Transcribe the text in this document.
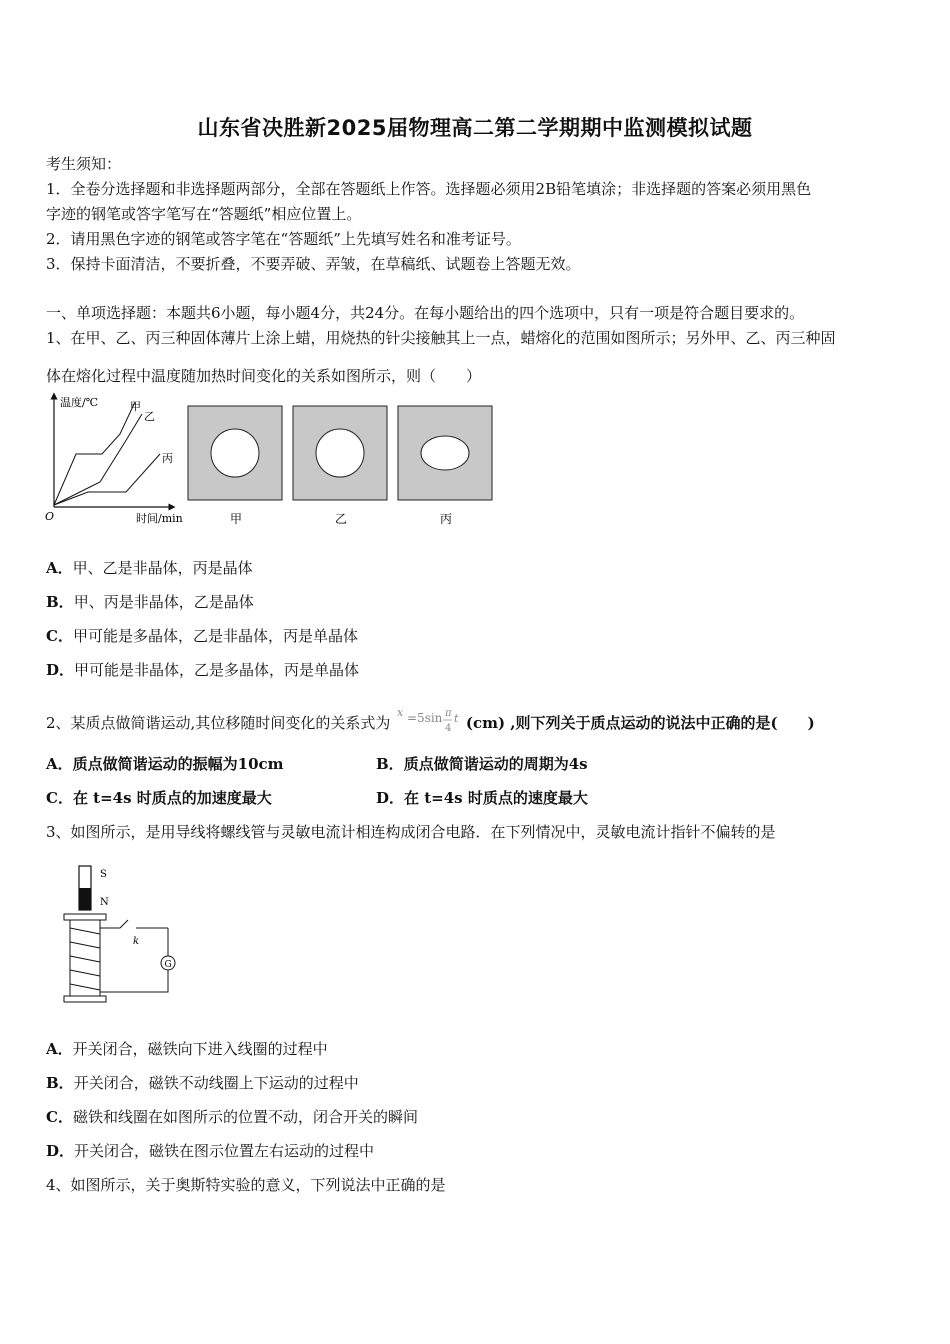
山东省决胜新2025届物理高二第二学期期中监测模拟试题
考生须知：
1．全卷分选择题和非选择题两部分，全部在答题纸上作答。选择题必须用2B铅笔填涂；非选择题的答案必须用黑色
字迹的钢笔或答字笔写在“答题纸”相应位置上。
2．请用黑色字迹的钢笔或答字笔在“答题纸”上先填写姓名和准考证号。
3．保持卡面清洁，不要折叠，不要弄破、弄皱，在草稿纸、试题卷上答题无效。
一、单项选择题：本题共6小题，每小题4分，共24分。在每小题给出的四个选项中，只有一项是符合题目要求的。
1、在甲、乙、丙三种固体薄片上涂上蜡，用烧热的针尖接触其上一点，蜡熔化的范围如图所示；另外甲、乙、丙三种固
体在熔化过程中温度随加热时间变化的关系如图所示，则（　　）
温度/℃
时间/min
O
甲
乙
丙
甲	乙	丙
A．甲、乙是非晶体，丙是晶体
B．甲、丙是非晶体，乙是晶体
C．甲可能是多晶体，乙是非晶体，丙是单晶体
D．甲可能是非晶体，乙是多晶体，丙是单晶体
2、某质点做简谐运动,其位移随时间变化的关系式为
x =5sin π
4
t (cm) ,则下列关于质点运动的说法中正确的是(　　)
A．质点做简谐运动的振幅为10cm	B．质点做简谐运动的周期为4s
C．在 t=4s 时质点的加速度最大	D．在 t=4s 时质点的速度最大
3、如图所示，是用导线将螺线管与灵敏电流计相连构成闭合电路．在下列情况中，灵敏电流计指针不偏转的是
S
N
k
G
A．开关闭合，磁铁向下进入线圈的过程中
B．开关闭合，磁铁不动线圈上下运动的过程中
C．磁铁和线圈在如图所示的位置不动，闭合开关的瞬间
D．开关闭合，磁铁在图示位置左右运动的过程中
4、如图所示，关于奥斯特实验的意义，下列说法中正确的是
